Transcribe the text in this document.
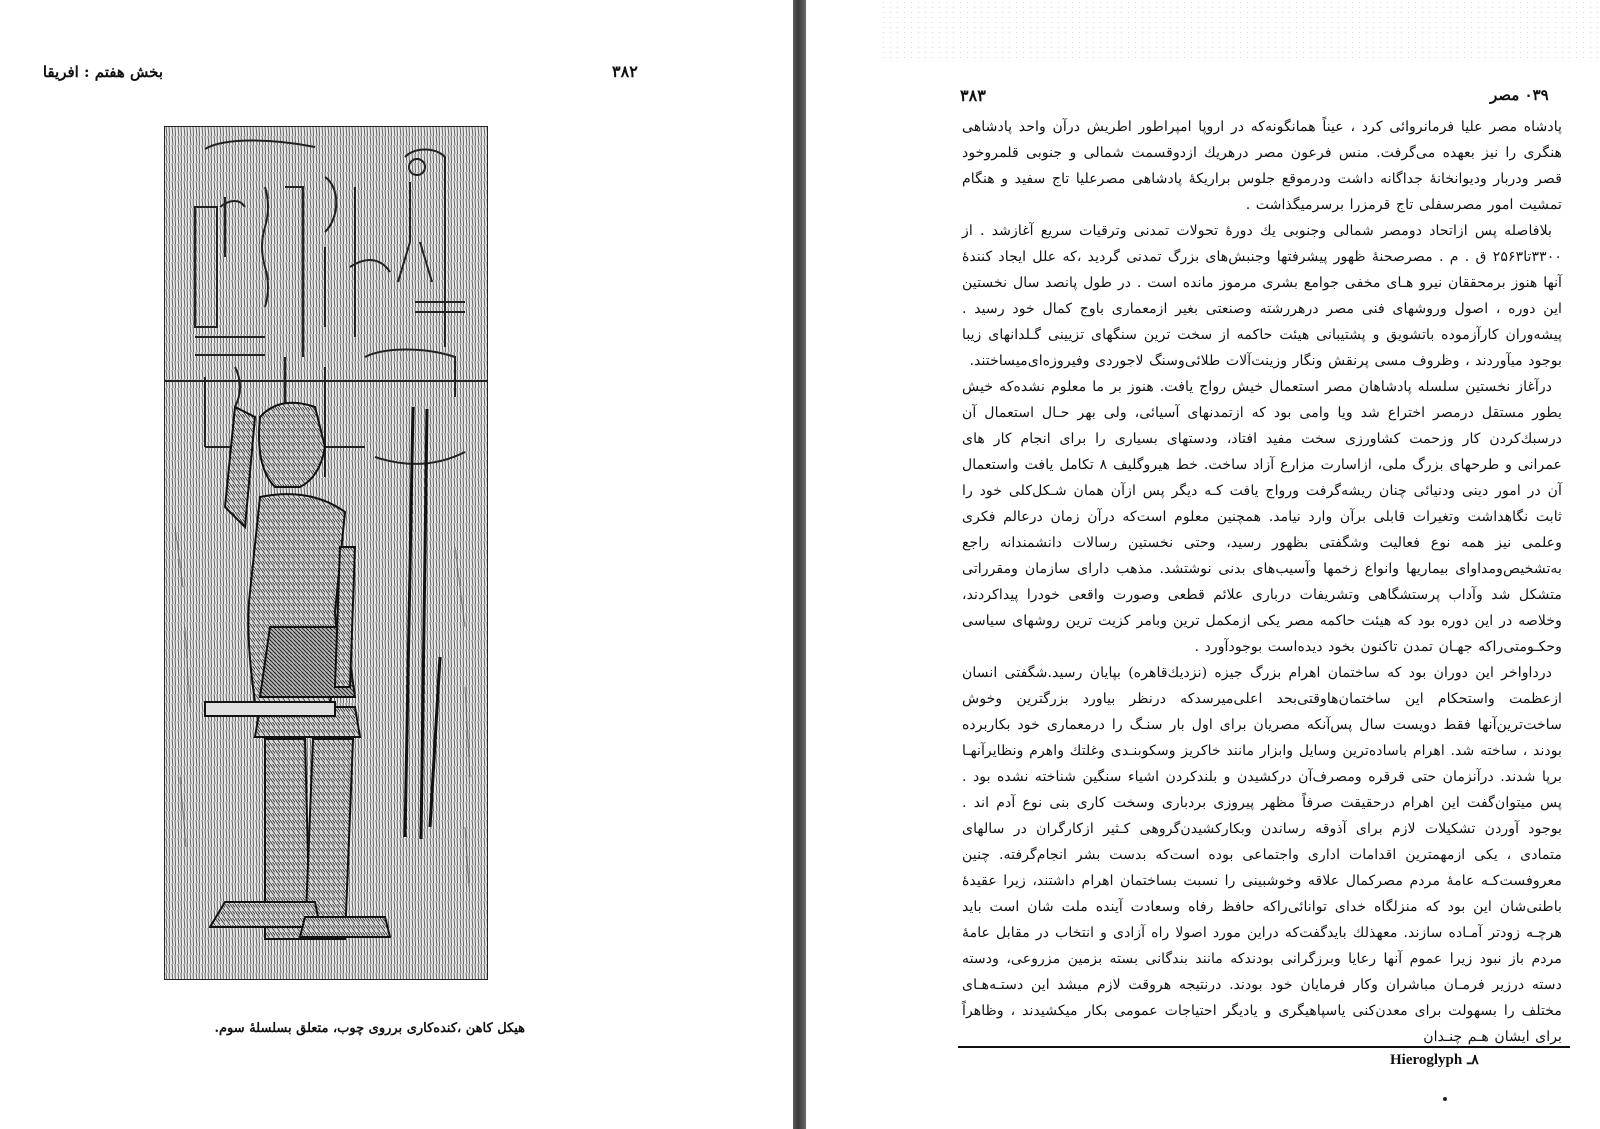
بخش هفتم : افریقا	۳۸۲
هیکل کاهن ،کنده‌کاری برروی چوب، متعلق بسلسلهٔ سوم.
۰۳۹ مصر
۳۸۳

پادشاه مصر علیا فرمانروائی کرد ، عیناً همانگونه‌که در اروپا امپراطور اطریش درآن واحد پادشاهی هنگری را نیز بعهده می‌گرفت. منس فرعون مصر درهریك ازدوقسمت شمالی و جنوبی قلمروخود قصر ودربار ودیوانخانهٔ جداگانه داشت ودرموقع جلوس براریکهٔ پادشاهی مصرعلیا تاج سفید و هنگام تمشیت امور مصرسفلی تاج قرمزرا برسرمیگذاشت .

بلافاصله پس ازاتحاد دومصر شمالی وجنوبی یك دورهٔ تحولات تمدنی وترقیات سریع آغازشد . از ۳۳۰۰تا۲۵۶۳ ق . م . مصرصحنهٔ ظهور پیشرفتها وجنبش‌های بزرگ تمدنی گردید ،که علل ایجاد کنندهٔ آنها هنوز برمحققان نیرو هـای مخفی جوامع بشری مرموز مانده است . در طول پانصد سال نخستین این دوره ، اصول وروشهای فنی مصر درهررشته وصنعتی بغیر ازمعماری باوج کمال خود رسید . پیشه‌وران کارآزموده باتشویق و پشتیبانی هیئت حاکمه از سخت ترین سنگهای تزیینی گـلدانهای زیبا بوجود میآوردند ، وظروف مسی پرنقش ونگار وزینت‌آلات طلائی‌وسنگ لاجوردی وفیروزه‌ای‌میساختند.

درآغاز نخستین سلسله پادشاهان مصر استعمال خیش رواج یافت. هنوز بر ما معلوم نشده‌که خیش بطور مستقل درمصر اختراع شد ویا وامی بود که ازتمدنهای آسیائی، ولی بهر حـال استعمال آن درسبك‌کردن کار وزحمت کشاورزی سخت مفید افتاد، ودستهای بسیاری را برای انجام کار های عمرانی و طرحهای بزرگ ملی، ازاسارت مزارع آزاد ساخت. خط هیروگلیف ۸ تکامل یافت واستعمال آن در امور دینی ودنیائی چنان ریشه‌گرفت ورواج یافت کـه دیگر پس ازآن همان شـکل‌کلی خود را ثابت نگاهداشت وتغیرات قابلی برآن وارد نیامد. همچنین معلوم است‌که درآن زمان درعالم فکری وعلمی نیز همه نوع فعالیت وشگفتی بظهور رسید، وحتی نخستین رسالات دانشمندانه راجع به‌تشخیص‌ومداوای بیماریها وانواع زخمها وآسیب‌های بدنی نوشتشد. مذهب دارای سازمان ومقرراتی متشکل شد وآداب پرستشگاهی وتشریفات درباری علائم قطعی وصورت واقعی خودرا پیدا‌کردند، وخلاصه در این دوره بود که هیئت حاکمه مصر یکی ازمکمل ترین وبامر کزیت ترین روشهای سیاسی وحکـومتی‌راکه جهـان تمدن تاکنون بخود دیده‌است بوجودآورد .

درداواخر این دوران بود که ساختمان اهرام بزرگ جیزه (نزدیك‌قاهره) بپایان رسید.شگفتی انسان ازعظمت واستحکام این ساختمان‌هاوقتی‌بحد اعلی‌میرسد‌که درنظر بیاورد بزرگترین وخوش ساخت‌ترین‌آنها فقط دویست سال پس‌آنکه مصریان برای اول بار سنـگ را درمعماری خود بکاربرده بودند ، ساخته شد. اهرام باساده‌ترین وسایل وابزار مانند خاکریز وسکوبنـدی وغلتك واهرم ونظایرآنهـا برپا شدند. درآنزمان حتی قرقره ومصرف‌آن درکشیدن و بلندکردن اشیاء سنگین شناخته نشده بود . پس میتوان‌گفت این اهرام درحقیقت صرفاً مظهر پیروزی بردباری وسخت کاری بنی نوع آدم اند . بوجود آوردن تشکیلات لازم برای آذوقه رساندن وبکار‌کشیدن‌گروهی کـثیر ازکارگران در سالهای متمادی ، یکی ازمهمترین اقدامات اداری واجتماعی بوده است‌که بدست بشر انجام‌گرفته. چنین معروفست‌کـه عامهٔ مردم مصر‌کمال علاقه وخوشبینی را نسبت بساختمان اهرام داشتند، زیرا عقیدهٔ باطنی‌شان این بود که منزلگاه خدای توانائی‌راکه حافظ رفاه وسعادت آینده ملت شان است باید هرچـه زودتر آمـاده سازند. معهذلك باید‌گفت‌که دراین مورد اصولا راه آزادی و انتخاب در مقابل عامهٔ مردم باز نبود زیرا عموم آنها رعایا وبرزگرانی بودند‌که مانند بندگانی بسته بزمین مزروعی، ودسته دسته درزیر فرمـان مباشران وکار فرمایان خود بودند. درنتیجه هروقت لازم میشد این دستـه‌هـای مختلف را بسهولت برای معدن‌کنی یاسپاهیگری و یادیگر احتیاجات عمومی بکار میکشیدند ، وظاهراً برای ایشان هـم چنـدان

۸ـ Hieroglyph
